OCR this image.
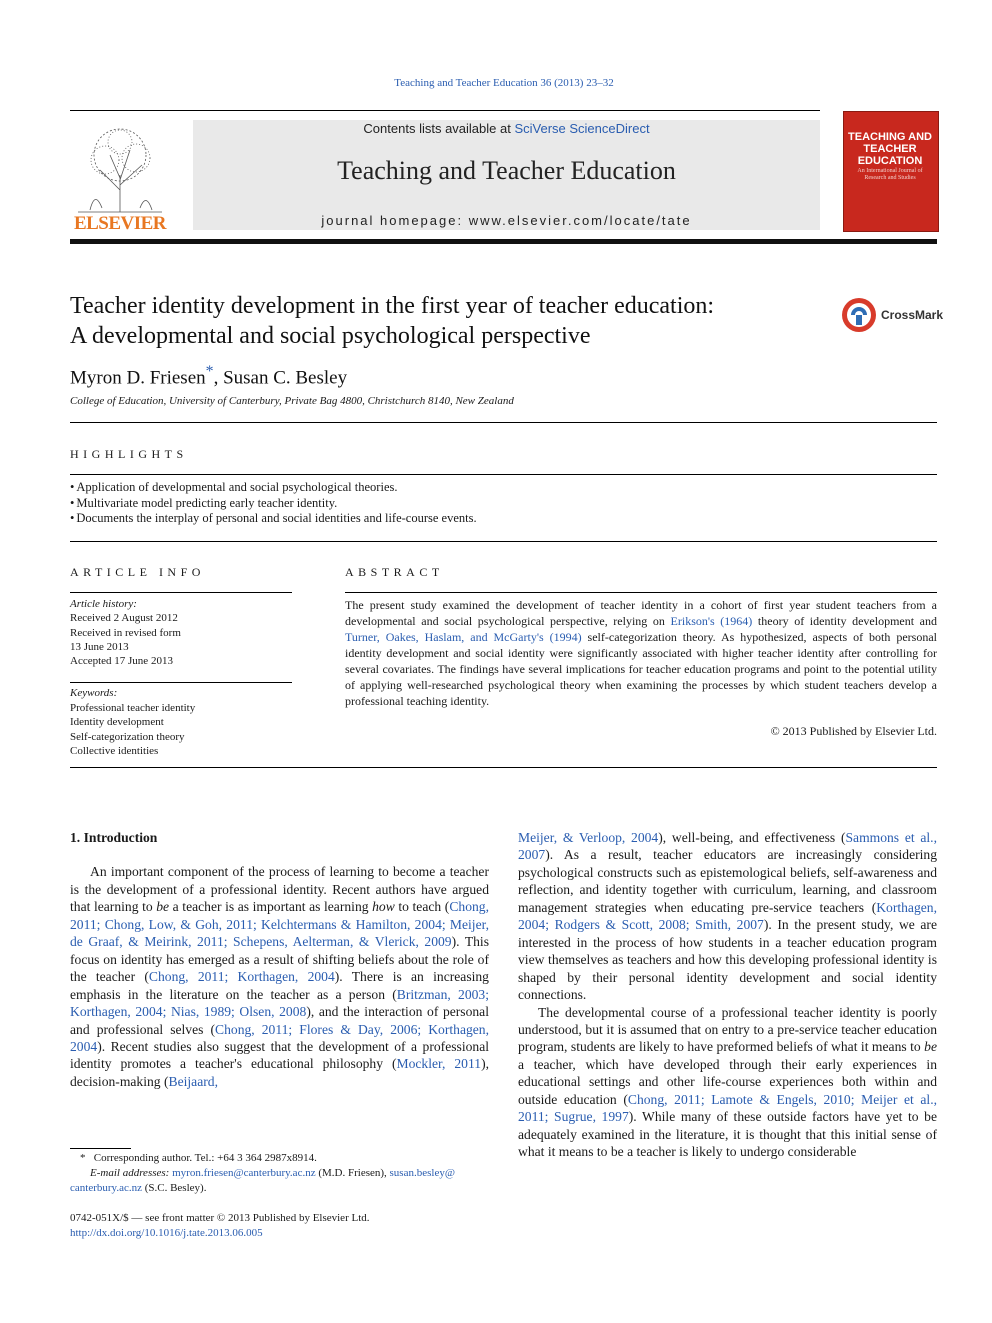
Teaching and Teacher Education 36 (2013) 23–32
ELSEVIER
Contents lists available at SciVerse ScienceDirect
Teaching and Teacher Education
journal homepage: www.elsevier.com/locate/tate
TEACHING AND TEACHER EDUCATION
An International Journal of Research and Studies
Teacher identity development in the first year of teacher education:
A developmental and social psychological perspective
CrossMark
Myron D. Friesen*, Susan C. Besley
College of Education, University of Canterbury, Private Bag 4800, Christchurch 8140, New Zealand
HIGHLIGHTS
• Application of developmental and social psychological theories.
• Multivariate model predicting early teacher identity.
• Documents the interplay of personal and social identities and life-course events.
ARTICLE INFO
Article history:
Received 2 August 2012
Received in revised form
13 June 2013
Accepted 17 June 2013
Keywords:
Professional teacher identity
Identity development
Self-categorization theory
Collective identities
ABSTRACT
The present study examined the development of teacher identity in a cohort of first year student teachers from a developmental and social psychological perspective, relying on Erikson's (1964) theory of identity development and Turner, Oakes, Haslam, and McGarty's (1994) self-categorization theory. As hypothesized, aspects of both personal identity development and social identity were significantly associated with higher teacher identity after controlling for several covariates. The findings have several implications for teacher education programs and point to the potential utility of applying well-researched psychological theory when examining the processes by which student teachers develop a professional teaching identity.
© 2013 Published by Elsevier Ltd.

1. Introduction

An important component of the process of learning to become a teacher is the development of a professional identity. Recent authors have argued that learning to be a teacher is as important as learning how to teach (Chong, 2011; Chong, Low, & Goh, 2011; Kelchtermans & Hamilton, 2004; Meijer, de Graaf, & Meirink, 2011; Schepens, Aelterman, & Vlerick, 2009). This focus on identity has emerged as a result of shifting beliefs about the role of the teacher (Chong, 2011; Korthagen, 2004). There is an increasing emphasis in the literature on the teacher as a person (Britzman, 2003; Korthagen, 2004; Nias, 1989; Olsen, 2008), and the interaction of personal and professional selves (Chong, 2011; Flores & Day, 2006; Korthagen, 2004). Recent studies also suggest that the development of a professional identity promotes a teacher's educational philosophy (Mockler, 2011), decision-making (Beijaard,

Meijer, & Verloop, 2004), well-being, and effectiveness (Sammons et al., 2007). As a result, teacher educators are increasingly considering psychological constructs such as epistemological beliefs, self-awareness and reflection, and identity together with curriculum, learning, and classroom management strategies when educating pre-service teachers (Korthagen, 2004; Rodgers & Scott, 2008; Smith, 2007). In the present study, we are interested in the process of how students in a teacher education program view themselves as teachers and how this developing professional identity is shaped by their personal identity development and social identity connections.

The developmental course of a professional teacher identity is poorly understood, but it is assumed that on entry to a pre-service teacher education program, students are likely to have preformed beliefs of what it means to be a teacher, which have developed through their early experiences in educational settings and other life-course experiences both within and outside education (Chong, 2011; Lamote & Engels, 2010; Meijer et al., 2011; Sugrue, 1997). While many of these outside factors have yet to be adequately examined in the literature, it is thought that this initial sense of what it means to be a teacher is likely to undergo considerable

* Corresponding author. Tel.: +64 3 364 2987x8914.
E-mail addresses: myron.friesen@canterbury.ac.nz (M.D. Friesen), susan.besley@
canterbury.ac.nz (S.C. Besley).
0742-051X/$ — see front matter © 2013 Published by Elsevier Ltd.
http://dx.doi.org/10.1016/j.tate.2013.06.005
